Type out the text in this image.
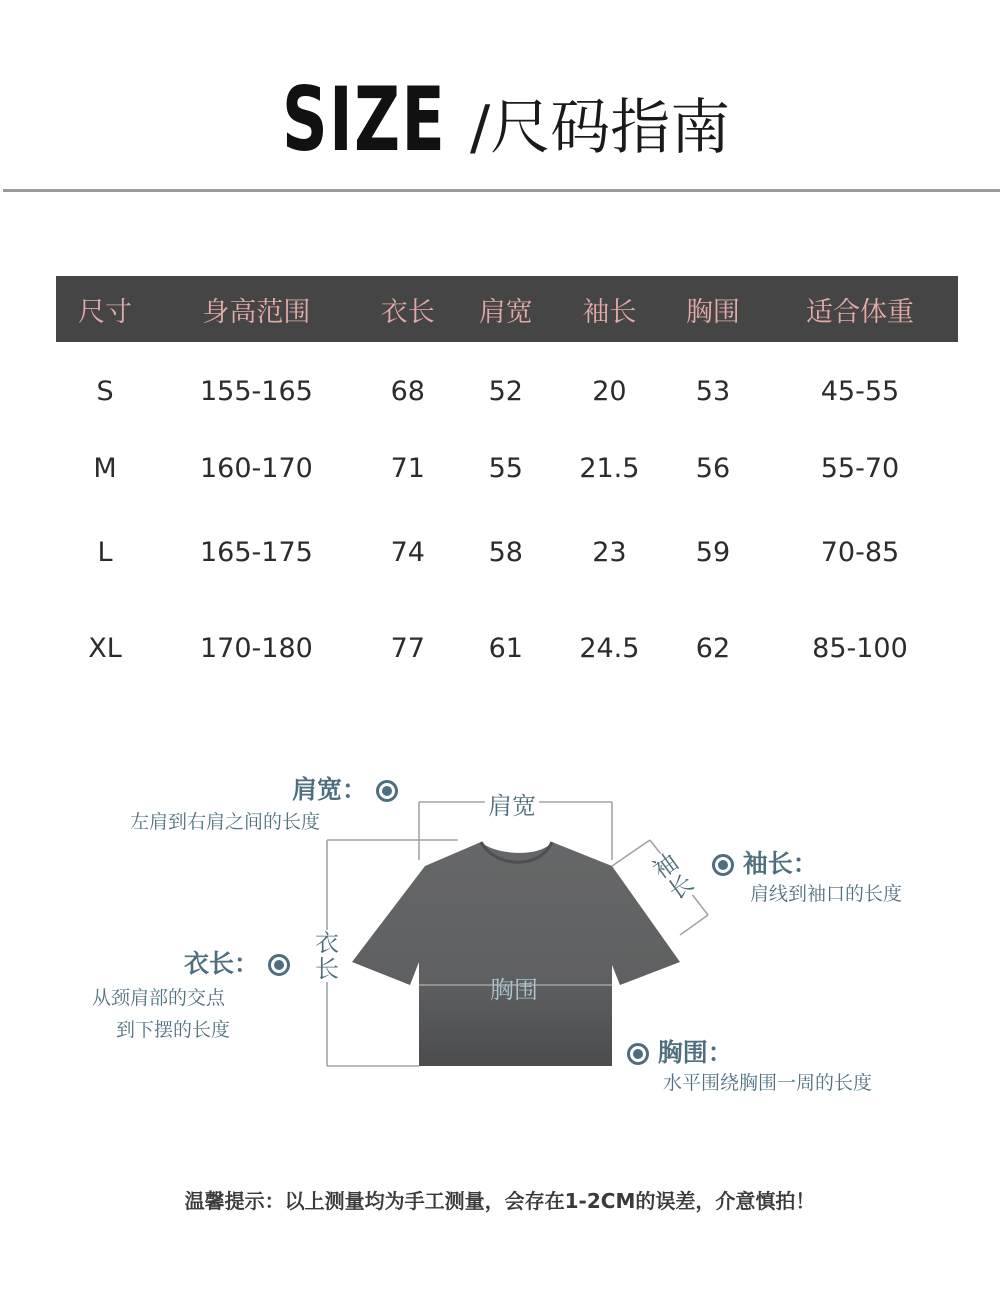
SIZE /尺码指南
尺寸	身高范围	衣长	肩宽	袖长	胸围	适合体重
S	155-165	68	52	20	53	45-55
M	160-170	71	55	21.5	56	55-70
L	165-175	74	58	23	59	70-85
XL	170-180	77	61	24.5	62	85-100
肩宽
衣长
袖长
胸围
肩宽：
左肩到右肩之间的长度
袖长：
肩线到袖口的长度
衣长：
从颈肩部的交点
到下摆的长度
胸围：
水平围绕胸围一周的长度
温馨提示：以上测量均为手工测量，会存在1-2CM的误差，介意慎拍！
